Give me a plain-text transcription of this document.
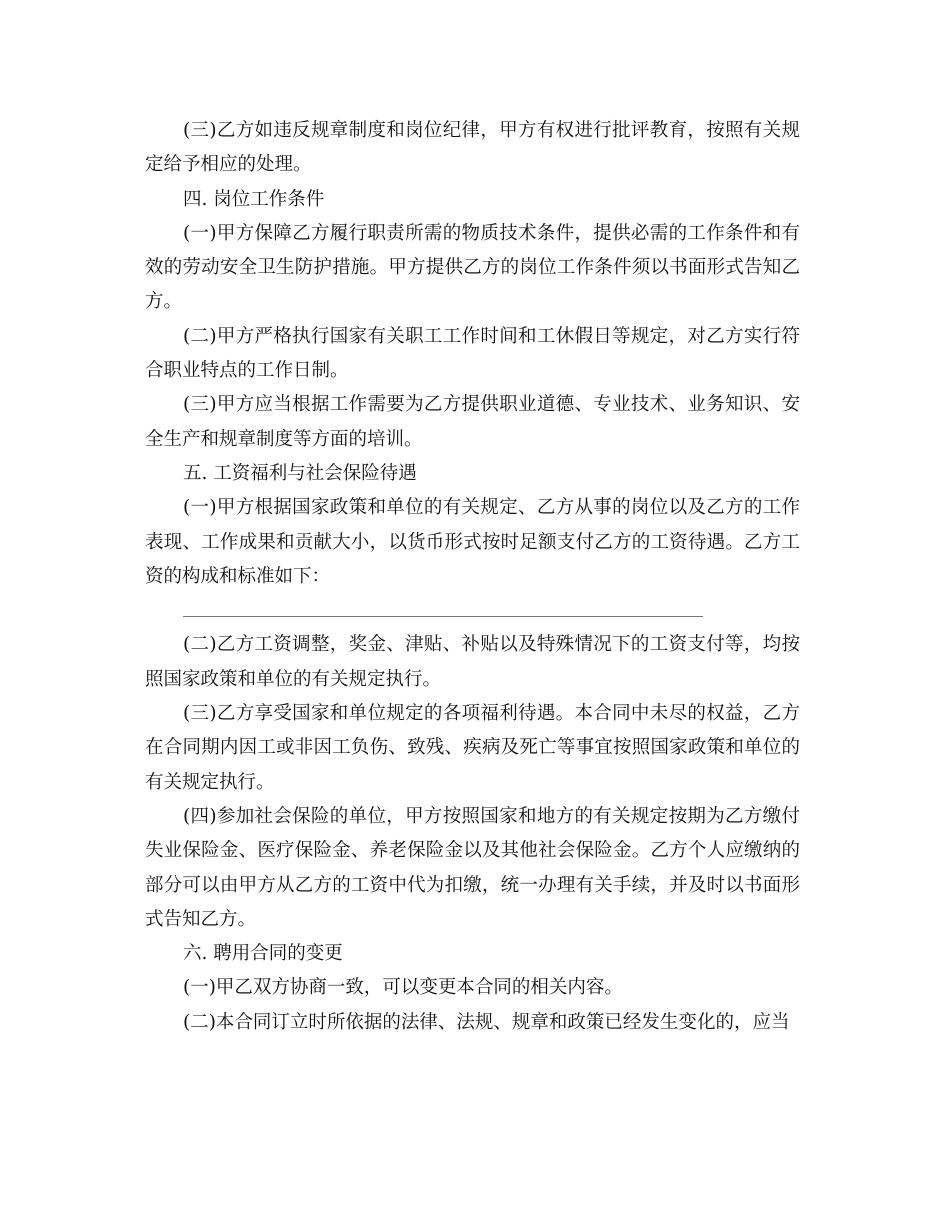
(三)乙方如违反规章制度和岗位纪律，甲方有权进行批评教育，按照有关规定给予相应的处理。

四. 岗位工作条件

(一)甲方保障乙方履行职责所需的物质技术条件，提供必需的工作条件和有效的劳动安全卫生防护措施。甲方提供乙方的岗位工作条件须以书面形式告知乙方。

(二)甲方严格执行国家有关职工工作时间和工休假日等规定，对乙方实行符合职业特点的工作日制。

(三)甲方应当根据工作需要为乙方提供职业道德、专业技术、业务知识、安全生产和规章制度等方面的培训。

五. 工资福利与社会保险待遇

(一)甲方根据国家政策和单位的有关规定、乙方从事的岗位以及乙方的工作表现、工作成果和贡献大小，以货币形式按时足额支付乙方的工资待遇。乙方工资的构成和标准如下：

(二)乙方工资调整，奖金、津贴、补贴以及特殊情况下的工资支付等，均按照国家政策和单位的有关规定执行。

(三)乙方享受国家和单位规定的各项福利待遇。本合同中未尽的权益，乙方在合同期内因工或非因工负伤、致残、疾病及死亡等事宜按照国家政策和单位的有关规定执行。

(四)参加社会保险的单位，甲方按照国家和地方的有关规定按期为乙方缴付失业保险金、医疗保险金、养老保险金以及其他社会保险金。乙方个人应缴纳的部分可以由甲方从乙方的工资中代为扣缴，统一办理有关手续，并及时以书面形式告知乙方。

六. 聘用合同的变更

(一)甲乙双方协商一致，可以变更本合同的相关内容。

(二)本合同订立时所依据的法律、法规、规章和政策已经发生变化的，应当
